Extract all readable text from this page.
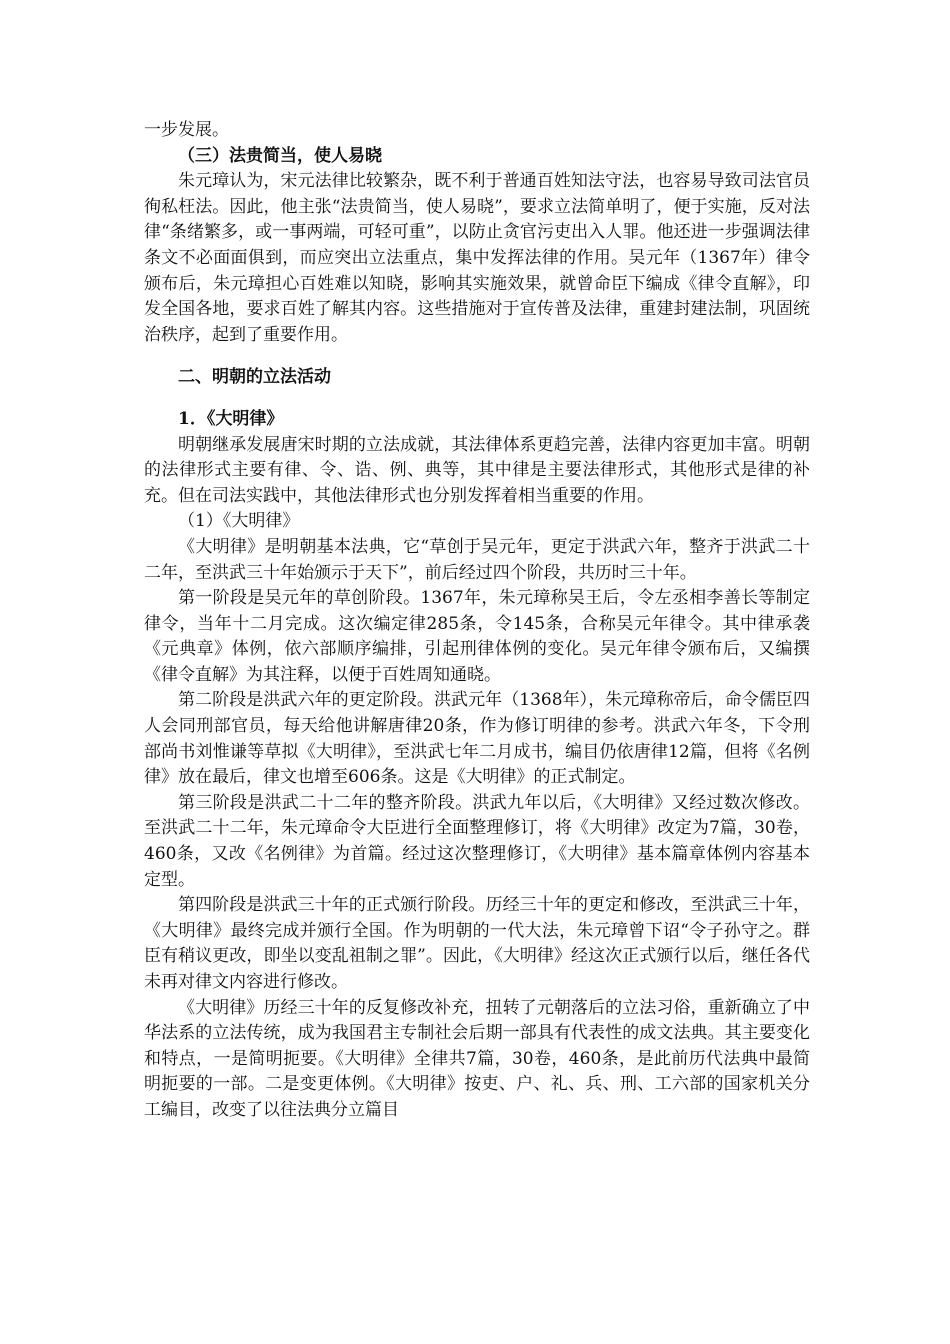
一步发展。

（三）法贵简当，使人易晓

朱元璋认为，宋元法律比较繁杂，既不利于普通百姓知法守法，也容易导致司法官员徇私枉法。因此，他主张“法贵简当，使人易晓”，要求立法简单明了，便于实施，反对法律“条绪繁多，或一事两端，可轻可重”，以防止贪官污吏出入人罪。他还进一步强调法律条文不必面面俱到，而应突出立法重点，集中发挥法律的作用。吴元年（1367年）律令颁布后，朱元璋担心百姓难以知晓，影响其实施效果，就曾命臣下编成《律令直解》，印发全国各地，要求百姓了解其内容。这些措施对于宣传普及法律，重建封建法制，巩固统治秩序，起到了重要作用。

二、明朝的立法活动

1．《大明律》

明朝继承发展唐宋时期的立法成就，其法律体系更趋完善，法律内容更加丰富。明朝的法律形式主要有律、令、诰、例、典等，其中律是主要法律形式，其他形式是律的补充。但在司法实践中，其他法律形式也分别发挥着相当重要的作用。

（1）《大明律》

《大明律》是明朝基本法典，它“草创于吴元年，更定于洪武六年，整齐于洪武二十二年，至洪武三十年始颁示于天下”，前后经过四个阶段，共历时三十年。

第一阶段是吴元年的草创阶段。1367年，朱元璋称吴王后，令左丞相李善长等制定律令，当年十二月完成。这次编定律285条，令145条，合称吴元年律令。其中律承袭《元典章》体例，依六部顺序编排，引起刑律体例的变化。吴元年律令颁布后，又编撰《律令直解》为其注释，以便于百姓周知通晓。

第二阶段是洪武六年的更定阶段。洪武元年（1368年），朱元璋称帝后，命令儒臣四人会同刑部官员，每天给他讲解唐律20条，作为修订明律的参考。洪武六年冬，下令刑部尚书刘惟谦等草拟《大明律》，至洪武七年二月成书，编目仍依唐律12篇，但将《名例律》放在最后，律文也增至606条。这是《大明律》的正式制定。

第三阶段是洪武二十二年的整齐阶段。洪武九年以后，《大明律》又经过数次修改。至洪武二十二年，朱元璋命令大臣进行全面整理修订，将《大明律》改定为7篇，30卷，460条，又改《名例律》为首篇。经过这次整理修订，《大明律》基本篇章体例内容基本定型。

第四阶段是洪武三十年的正式颁行阶段。历经三十年的更定和修改，至洪武三十年，《大明律》最终完成并颁行全国。作为明朝的一代大法，朱元璋曾下诏“令子孙守之。群臣有稍议更改，即坐以变乱祖制之罪”。因此，《大明律》经这次正式颁行以后，继任各代未再对律文内容进行修改。

《大明律》历经三十年的反复修改补充，扭转了元朝落后的立法习俗，重新确立了中华法系的立法传统，成为我国君主专制社会后期一部具有代表性的成文法典。其主要变化和特点，一是简明扼要。《大明律》全律共7篇，30卷，460条，是此前历代法典中最简明扼要的一部。二是变更体例。《大明律》按吏、户、礼、兵、刑、工六部的国家机关分工编目，改变了以往法典分立篇目
